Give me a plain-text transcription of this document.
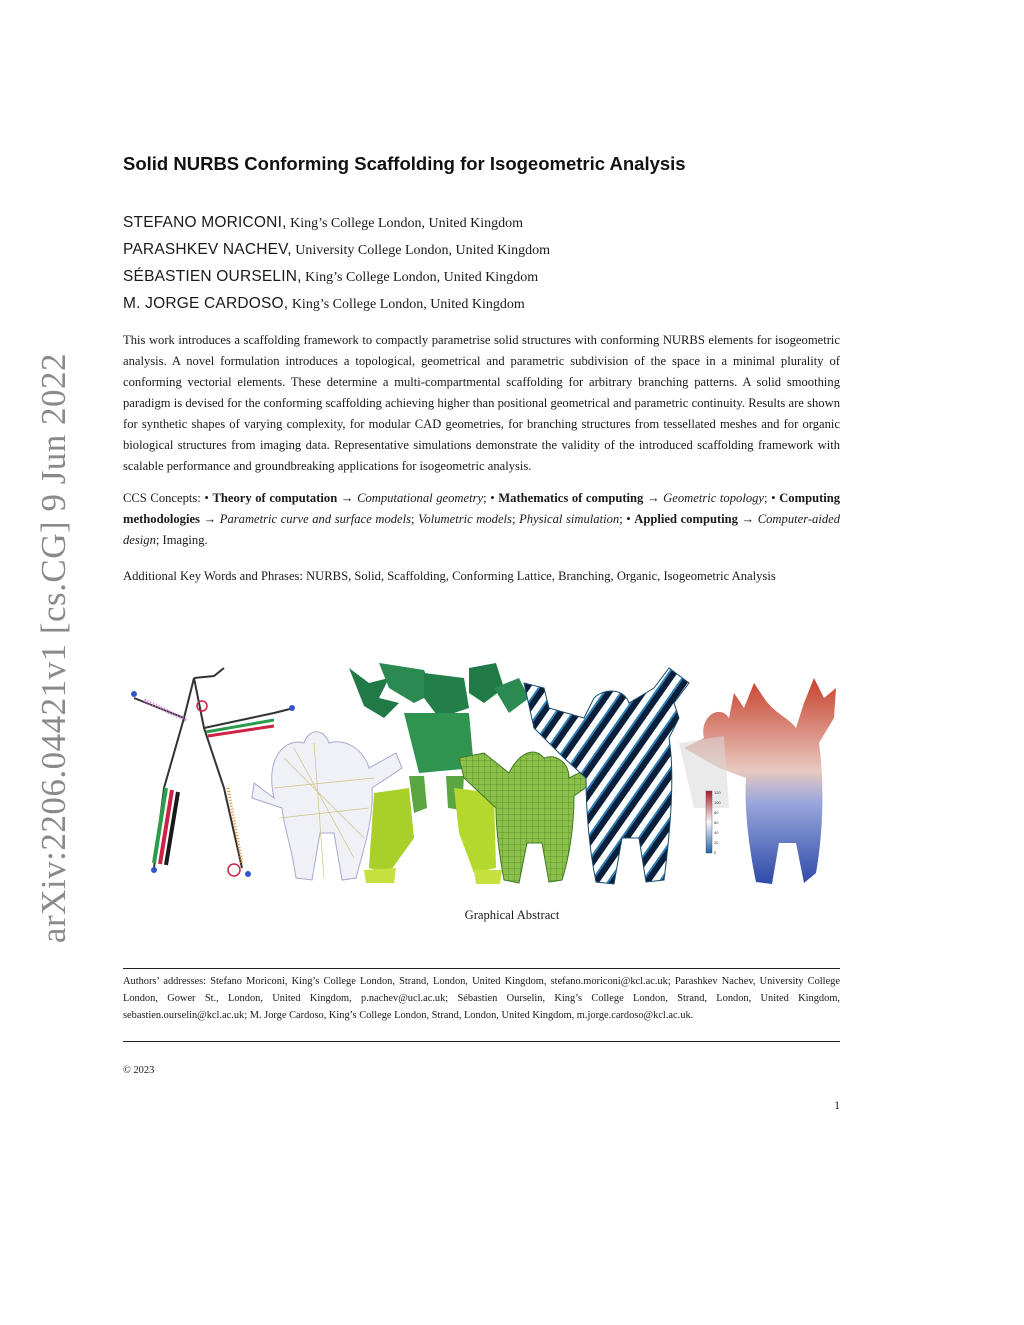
arXiv:2206.04421v1 [cs.CG] 9 Jun 2022
Solid NURBS Conforming Scaffolding for Isogeometric Analysis
STEFANO MORICONI, King’s College London, United Kingdom
PARASHKEV NACHEV, University College London, United Kingdom
SÉBASTIEN OURSELIN, King’s College London, United Kingdom
M. JORGE CARDOSO, King’s College London, United Kingdom

This work introduces a scaffolding framework to compactly parametrise solid structures with conforming NURBS elements for isogeometric analysis. A novel formulation introduces a topological, geometrical and parametric subdivision of the space in a minimal plurality of conforming vectorial elements. These determine a multi-compartmental scaffolding for arbitrary branching patterns. A solid smoothing paradigm is devised for the conforming scaffolding achieving higher than positional geometrical and parametric continuity. Results are shown for synthetic shapes of varying complexity, for modular CAD geometries, for branching structures from tessellated meshes and for organic biological structures from imaging data. Representative simulations demonstrate the validity of the introduced scaffolding framework with scalable performance and groundbreaking applications for isogeometric analysis.

CCS Concepts: • Theory of computation → Computational geometry; • Mathematics of computing → Geometric topology; • Computing methodologies → Parametric curve and surface models; Volumetric models; Physical simulation; • Applied computing → Computer-aided design; Imaging.

Additional Key Words and Phrases: NURBS, Solid, Scaffolding, Conforming Lattice, Branching, Organic, Isogeometric Analysis

120
100
80
60
40
20
0
Graphical Abstract

Authors’ addresses: Stefano Moriconi, King’s College London, Strand, London, United Kingdom, stefano.moriconi@kcl.ac.uk; Parashkev Nachev, University College London, Gower St., London, United Kingdom, p.nachev@ucl.ac.uk; Sébastien Ourselin, King’s College London, Strand, London, United Kingdom, sebastien.ourselin@kcl.ac.uk; M. Jorge Cardoso, King’s College London, Strand, London, United Kingdom, m.jorge.cardoso@kcl.ac.uk.

© 2023
1
